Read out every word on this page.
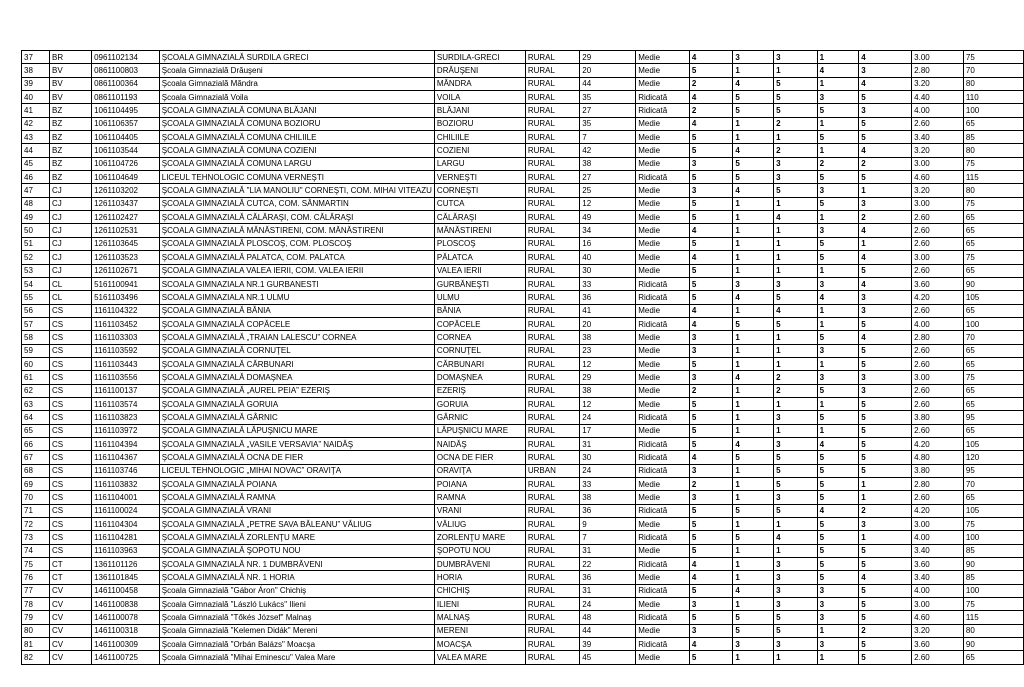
37	BR	0961102134	ŞCOALA GIMNAZIALĂ SURDILA GRECI	SURDILA-GRECI	RURAL	29	Medie	4	3	3	1	4	3.00	75
38	BV	0861100803	Şcoala Gimnazială Drăuşeni	DRĂUŞENI	RURAL	20	Medie	5	1	1	4	3	2.80	70
39	BV	0861100364	Şcoala Gimnazială Măndra	MĂNDRA	RURAL	44	Medie	2	4	5	1	4	3.20	80
40	BV	0861101193	Şcoala Gimnazială Voila	VOILA	RURAL	35	Ridicată	4	5	5	3	5	4.40	110
41	BZ	1061104495	ŞCOALA GIMNAZIALĂ COMUNA BLĂJANI	BLĂJANI	RURAL	27	Ridicată	2	5	5	5	3	4.00	100
42	BZ	1061106357	ŞCOALA GIMNAZIALĂ COMUNA BOZIORU	BOZIORU	RURAL	35	Medie	4	1	2	1	5	2.60	65
43	BZ	1061104405	ŞCOALA GIMNAZIALĂ COMUNA CHILIILE	CHILIILE	RURAL	7	Medie	5	1	1	5	5	3.40	85
44	BZ	1061103544	ŞCOALA GIMNAZIALĂ COMUNA COZIENI	COZIENI	RURAL	42	Medie	5	4	2	1	4	3.20	80
45	BZ	1061104726	ŞCOALA GIMNAZIALĂ COMUNA LARGU	LARGU	RURAL	38	Medie	3	5	3	2	2	3.00	75
46	BZ	1061104649	LICEUL TEHNOLOGIC COMUNA VERNEŞTI	VERNEŞTI	RURAL	27	Ridicată	5	5	3	5	5	4.60	115
47	CJ	1261103202	ŞCOALA GIMNAZIALĂ "LIA MANOLIU" CORNEŞTI, COM. MIHAI VITEAZU	CORNEŞTI	RURAL	25	Medie	3	4	5	3	1	3.20	80
48	CJ	1261103437	ŞCOALA GIMNAZIALĂ CUTCA, COM. SÂNMARTIN	CUTCA	RURAL	12	Medie	5	1	1	5	3	3.00	75
49	CJ	1261102427	ŞCOALA GIMNAZIALĂ CĂLĂRAŞI, COM. CĂLĂRAŞI	CĂLĂRAŞI	RURAL	49	Medie	5	1	4	1	2	2.60	65
50	CJ	1261102531	ŞCOALA GIMNAZIALĂ MĂNĂSTIRENI, COM. MĂNĂSTIRENI	MĂNĂSTIRENI	RURAL	34	Medie	4	1	1	3	4	2.60	65
51	CJ	1261103645	ŞCOALA GIMNAZIALĂ PLOSCOŞ, COM. PLOSCOŞ	PLOSCOŞ	RURAL	16	Medie	5	1	1	5	1	2.60	65
52	CJ	1261103523	ŞCOALA GIMNAZIALĂ PALATCA, COM. PALATCA	PĂLATCA	RURAL	40	Medie	4	1	1	5	4	3.00	75
53	CJ	1261102671	ŞCOALA GIMNAZIALA VALEA IERII, COM. VALEA IERII	VALEA IERII	RURAL	30	Medie	5	1	1	1	5	2.60	65
54	CL	5161100941	SCOALA GIMNAZIALA NR.1 GURBANESTI	GURBĂNEŞTI	RURAL	33	Ridicată	5	3	3	3	4	3.60	90
55	CL	5161103496	SCOALA GIMNAZIALA NR.1 ULMU	ULMU	RURAL	36	Ridicată	5	4	5	4	3	4.20	105
56	CS	1161104322	ŞCOALA GIMNAZIALĂ BĂNIA	BĂNIA	RURAL	41	Medie	4	1	4	1	3	2.60	65
57	CS	1161103452	ŞCOALA GIMNAZIALĂ COPĂCELE	COPĂCELE	RURAL	20	Ridicată	4	5	5	1	5	4.00	100
58	CS	1161103303	ŞCOALA GIMNAZIALĂ „TRAIAN LALESCU” CORNEA	CORNEA	RURAL	38	Medie	3	1	1	5	4	2.80	70
59	CS	1161103592	ŞCOALA GIMNAZIALĂ CORNUŢEL	CORNUŢEL	RURAL	23	Medie	3	1	1	3	5	2.60	65
60	CS	1161103443	ŞCOALA GIMNAZIALĂ CĂRBUNARI	CĂRBUNARI	RURAL	12	Medie	5	1	1	1	5	2.60	65
61	CS	1161103556	ŞCOALA GIMNAZIALĂ DOMAŞNEA	DOMAŞNEA	RURAL	29	Medie	3	4	2	3	3	3.00	75
62	CS	1161100137	ŞCOALA GIMNAZIALĂ „AUREL PEIA” EZERIŞ	EZERIŞ	RURAL	38	Medie	2	1	2	5	3	2.60	65
63	CS	1161103574	ŞCOALA GIMNAZIALĂ GORUIA	GORUIA	RURAL	12	Medie	5	1	1	1	5	2.60	65
64	CS	1161103823	ŞCOALA GIMNAZIALĂ GÂRNIC	GÂRNIC	RURAL	24	Ridicată	5	1	3	5	5	3.80	95
65	CS	1161103972	ŞCOALA GIMNAZIALĂ LĂPUŞNICU MARE	LĂPUŞNICU MARE	RURAL	17	Medie	5	1	1	1	5	2.60	65
66	CS	1161104394	ŞCOALA GIMNAZIALĂ „VASILE VERSAVIA” NAIDĂŞ	NAIDĂŞ	RURAL	31	Ridicată	5	4	3	4	5	4.20	105
67	CS	1161104367	ŞCOALA GIMNAZIALĂ OCNA DE FIER	OCNA DE FIER	RURAL	30	Ridicată	4	5	5	5	5	4.80	120
68	CS	1161103746	LICEUL TEHNOLOGIC „MIHAI NOVAC” ORAVIŢA	ORAVIŢA	URBAN	24	Ridicată	3	1	5	5	5	3.80	95
69	CS	1161103832	ŞCOALA GIMNAZIALĂ POIANA	POIANA	RURAL	33	Medie	2	1	5	5	1	2.80	70
70	CS	1161104001	ŞCOALA GIMNAZIALĂ RAMNA	RAMNA	RURAL	38	Medie	3	1	3	5	1	2.60	65
71	CS	1161100024	ŞCOALA GIMNAZIALĂ VRANI	VRANI	RURAL	36	Ridicată	5	5	5	4	2	4.20	105
72	CS	1161104304	ŞCOALA GIMNAZIALĂ „PETRE SAVA BĂLEANU” VĂLIUG	VĂLIUG	RURAL	9	Medie	5	1	1	5	3	3.00	75
73	CS	1161104281	ŞCOALA GIMNAZIALĂ ZORLENŢU MARE	ZORLENŢU MARE	RURAL	7	Ridicată	5	5	4	5	1	4.00	100
74	CS	1161103963	ŞCOALA GIMNAZIALĂ ŞOPOTU NOU	ŞOPOTU NOU	RURAL	31	Medie	5	1	1	5	5	3.40	85
75	CT	1361101126	ŞCOALA GIMNAZIALĂ NR. 1 DUMBRĂVENI	DUMBRĂVENI	RURAL	22	Ridicată	4	1	3	5	5	3.60	90
76	CT	1361101845	ŞCOALA GIMNAZIALĂ NR. 1 HORIA	HORIA	RURAL	36	Medie	4	1	3	5	4	3.40	85
77	CV	1461100458	Şcoala Gimnazială "Gábor Áron" Chichiş	CHICHIŞ	RURAL	31	Ridicată	5	4	3	3	5	4.00	100
78	CV	1461100838	Şcoala Gimnazială "László Lukács" Ilieni	ILIENI	RURAL	24	Medie	3	1	3	3	5	3.00	75
79	CV	1461100078	Şcoala Gimnazială "Tőkés József" Malnaş	MALNAŞ	RURAL	48	Ridicată	5	5	5	3	5	4.60	115
80	CV	1461100318	Şcoala Gimnazială "Kelemen Didák" Mereni	MERENI	RURAL	44	Medie	3	5	5	1	2	3.20	80
81	CV	1461100309	Şcoala Gimnazială "Orbán Balázs" Moacşa	MOACŞA	RURAL	39	Ridicată	4	3	3	3	5	3.60	90
82	CV	1461100725	Şcoala Gimnazială "Mihai Eminescu" Valea Mare	VALEA MARE	RURAL	45	Medie	5	1	1	1	5	2.60	65
